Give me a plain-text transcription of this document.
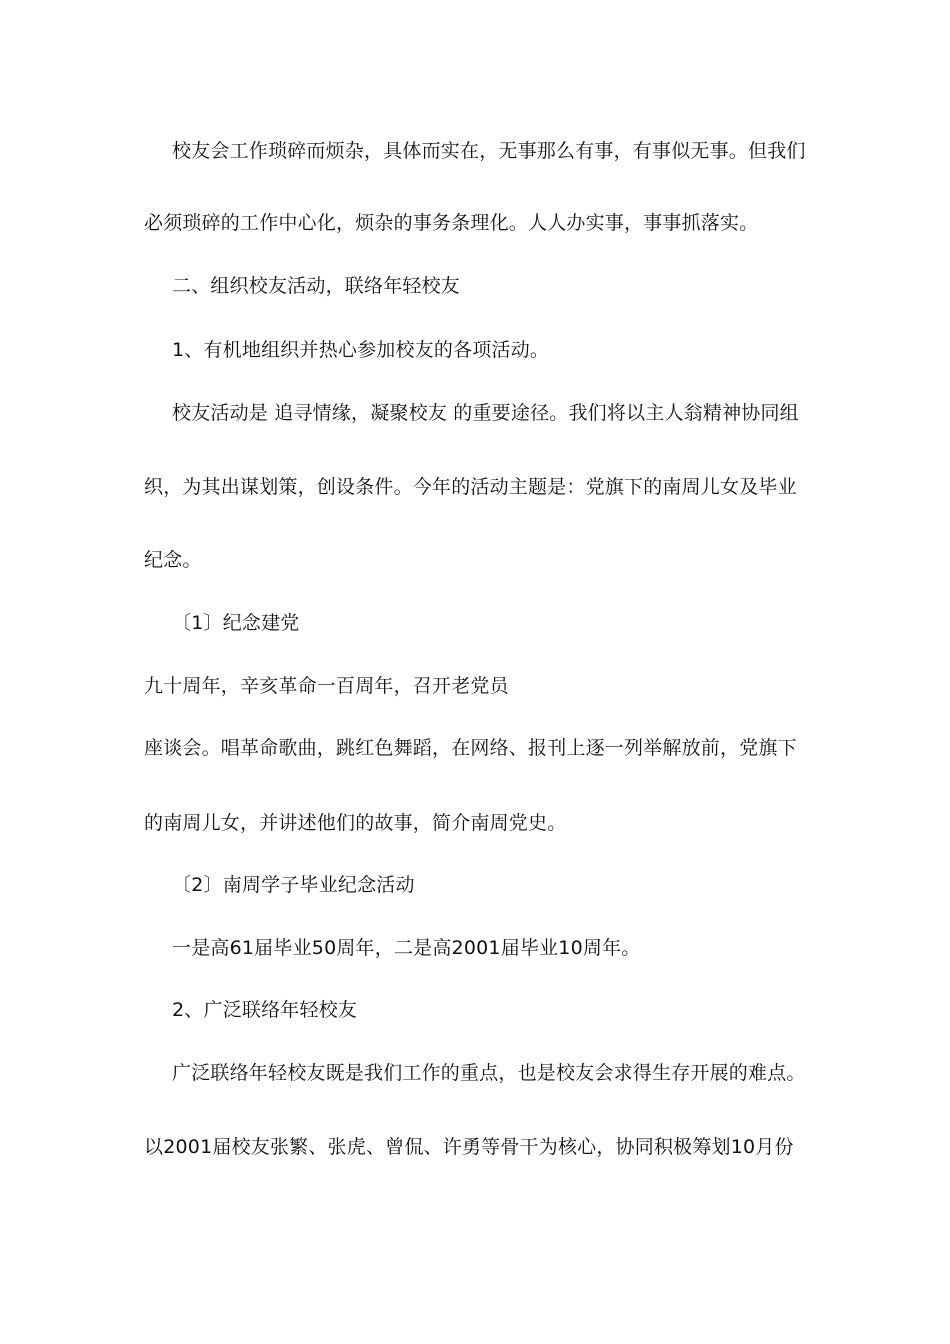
校友会工作琐碎而烦杂，具体而实在，无事那么有事，有事似无事。但我们

必须琐碎的工作中心化，烦杂的事务条理化。人人办实事，事事抓落实。

二、组织校友活动，联络年轻校友

1、有机地组织并热心参加校友的各项活动。

校友活动是 追寻情缘，凝聚校友 的重要途径。我们将以主人翁精神协同组

织，为其出谋划策，创设条件。今年的活动主题是：党旗下的南周儿女及毕业

纪念。

〔1〕纪念建党

九十周年，辛亥革命一百周年，召开老党员

座谈会。唱革命歌曲，跳红色舞蹈，在网络、报刊上逐一列举解放前，党旗下

的南周儿女，并讲述他们的故事，简介南周党史。

〔2〕南周学子毕业纪念活动

一是高61届毕业50周年，二是高2001届毕业10周年。

2、广泛联络年轻校友

广泛联络年轻校友既是我们工作的重点，也是校友会求得生存开展的难点。

以2001届校友张繁、张虎、曾侃、许勇等骨干为核心，协同积极筹划10月份
